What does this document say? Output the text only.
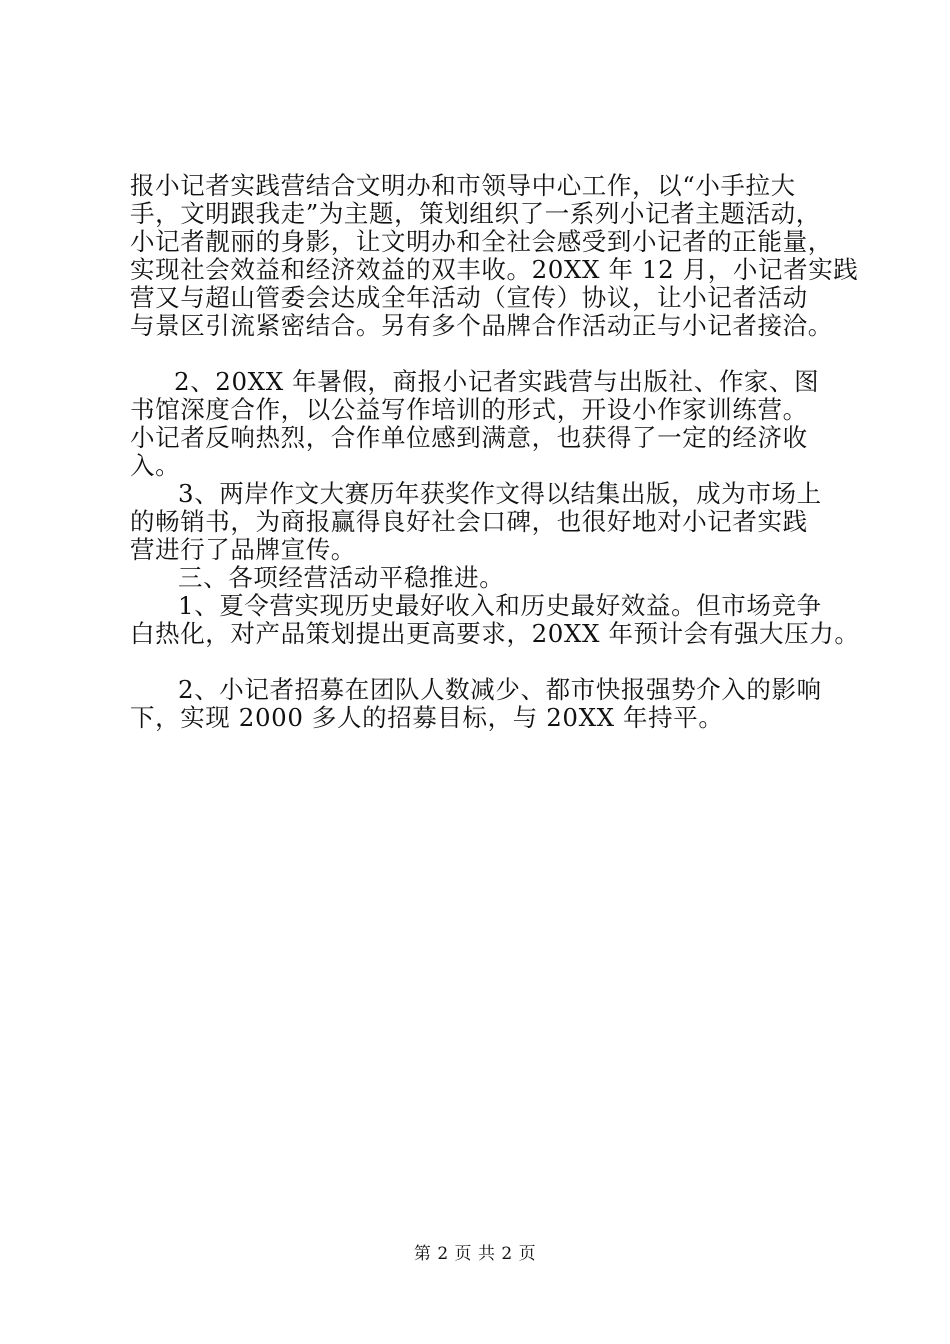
报小记者实践营结合文明办和市领导中心工作，以“小手拉大
手，文明跟我走”为主题，策划组织了一系列小记者主题活动，
小记者靓丽的身影，让文明办和全社会感受到小记者的正能量，
实现社会效益和经济效益的双丰收。20XX 年 12 月，小记者实践
营又与超山管委会达成全年活动（宣传）协议，让小记者活动
与景区引流紧密结合。另有多个品牌合作活动正与小记者接洽。
2、20XX 年暑假，商报小记者实践营与出版社、作家、图
书馆深度合作，以公益写作培训的形式，开设小作家训练营。
小记者反响热烈，合作单位感到满意，也获得了一定的经济收
入。
3、两岸作文大赛历年获奖作文得以结集出版，成为市场上
的畅销书，为商报赢得良好社会口碑，也很好地对小记者实践
营进行了品牌宣传。
三、各项经营活动平稳推进。
1、夏令营实现历史最好收入和历史最好效益。但市场竞争
白热化，对产品策划提出更高要求，20XX 年预计会有强大压力。
2、小记者招募在团队人数减少、都市快报强势介入的影响
下，实现 2000 多人的招募目标，与 20XX 年持平。
第 2 页 共 2 页
